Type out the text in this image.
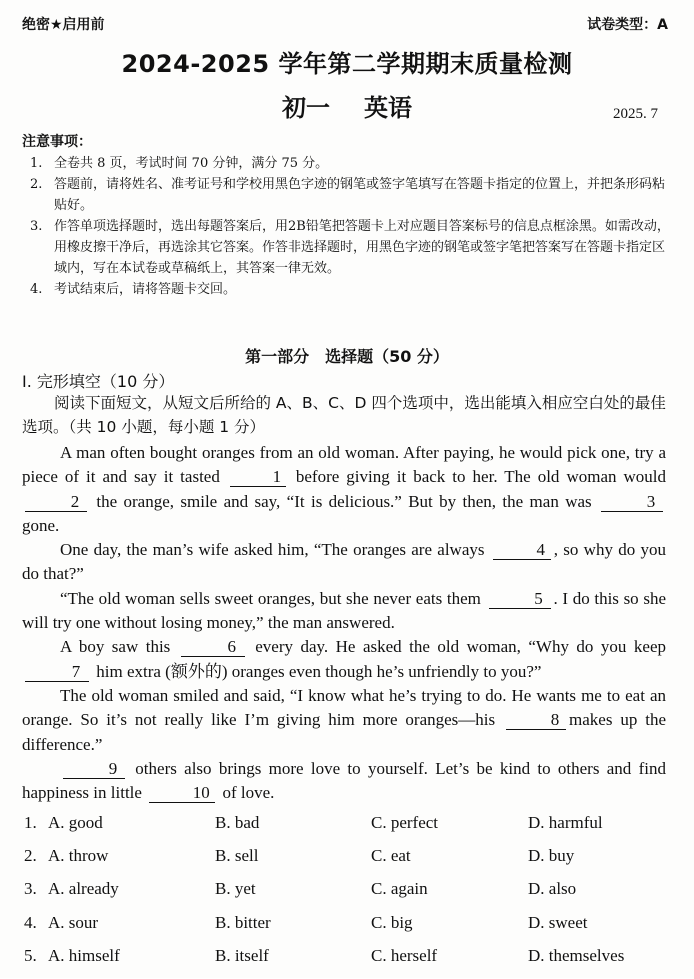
绝密★启用前	试卷类型：A
2024-2025 学年第二学期期末质量检测
初一 英语	2025. 7
注意事项：
1. 全卷共 8 页，考试时间 70 分钟，满分 75 分。
2. 答题前，请将姓名、准考证号和学校用黑色字迹的钢笔或签字笔填写在答题卡指定的位置上，并把条形码粘贴好。
3. 作答单项选择题时，选出每题答案后，用2B铅笔把答题卡上对应题目答案标号的信息点框涂黑。如需改动，用橡皮擦干净后，再选涂其它答案。作答非选择题时，用黑色字迹的钢笔或签字笔把答案写在答题卡指定区域内，写在本试卷或草稿纸上，其答案一律无效。
4. 考试结束后，请将答题卡交回。
第一部分　选择题（50 分）
Ⅰ. 完形填空（10 分）
阅读下面短文，从短文后所给的 A、B、C、D 四个选项中，选出能填入相应空白处的最佳选项。（共 10 小题，每小题 1 分）

A man often bought oranges from an old woman. After paying, he would pick one, try a piece of it and say it tasted	1 before giving it back to her. The old woman would 2 the orange, smile and say, “It is delicious.” But by then, the man was	3 gone.

One day, the man’s wife asked him, “The oranges are always	4 , so why do you do that?”

“The old woman sells sweet oranges, but she never eats them	5 . I do this so she will try one without losing money,” the man answered.

A boy saw this	6 every day. He asked the old woman, “Why do you keep 7 him extra (额外的) oranges even though he’s unfriendly to you?”

The old woman smiled and said, “I know what he’s trying to do. He wants me to eat an orange. So it’s not really like I’m giving him more oranges—his	8 makes up the difference.”

9 others also brings more love to yourself. Let’s be kind to others and find happiness in little	10 of love.

1. A. good	B. bad	C. perfect	D. harmful
2. A. throw	B. sell	C. eat	D. buy
3. A. already	B. yet	C. again	D. also
4. A. sour	B. bitter	C. big	D. sweet
5. A. himself	B. itself	C. herself	D. themselves
